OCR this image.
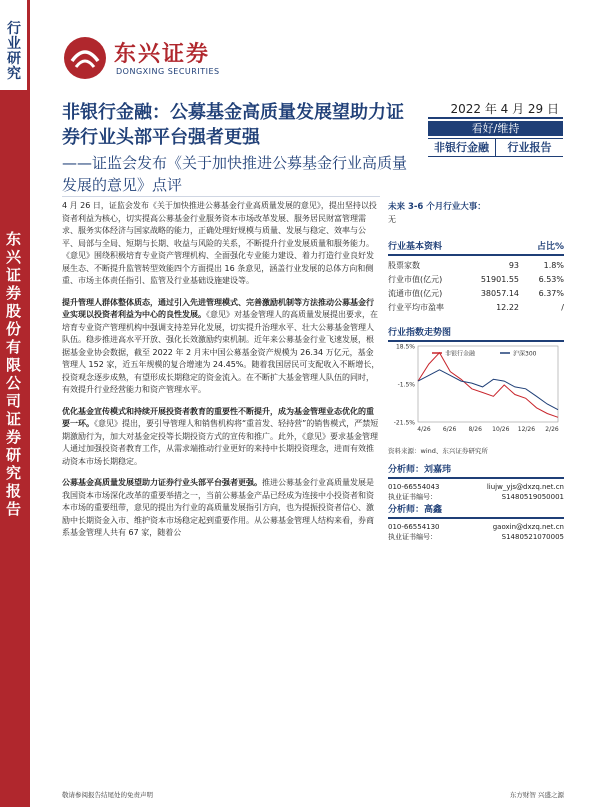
行业研究
东兴证券股份有限公司证券研究报告
东兴证券
DONGXING SECURITIES
非银行金融：公募基金高质量发展望助力证券行业头部平台强者更强
——证监会发布《关于加快推进公募基金行业高质量发展的意见》点评
2022 年 4 月 29 日
看好/维持
非银行金融	行业报告

4 月 26 日，证监会发布《关于加快推进公募基金行业高质量发展的意见》，提出坚持以投资者利益为核心，切实提高公募基金行业服务资本市场改革发展、服务居民财富管理需求、服务实体经济与国家战略的能力，正确处理好规模与质量、发展与稳定、效率与公平、局部与全局、短期与长期、收益与风险的关系，不断提升行业发展质量和服务能力。《意见》围绕积极培育专业资产管理机构、全面强化专业能力建设、着力打造行业良好发展生态、不断提升监管转型效能四个方面提出 16 条意见，涵盖行业发展的总体方向和侧重、市场主体责任指引、监管及行业基础设施建设等。

提升管理人群体整体质态，通过引入先进管理模式、完善激励机制等方法推动公募基金行业实现以投资者利益为中心的良性发展。《意见》对基金管理人的高质量发展提出要求，在培育专业资产管理机构中强调支持差异化发展，切实提升治理水平、壮大公募基金管理人队伍。稳步推进高水平开放、强化长效激励约束机制。近年来公募基金行业飞速发展，根据基金业协会数据，截至 2022 年 2 月末中国公募基金资产规模为 26.34 万亿元，基金管理人 152 家，近五年规模的复合增速为 24.45%。随着我国居民可支配收入不断增长，投资观念逐步成熟，有望形成长期稳定的资金流入。在不断扩大基金管理人队伍的同时，有效提升行业经营能力和资产管理水平。

优化基金宣传模式和持续开展投资者教育的重要性不断提升，成为基金管理业态优化的重要一环。《意见》提出，要引导管理人和销售机构将“重首发、轻持营”的销售模式，严禁短期激励行为，加大对基金定投等长期投资方式的宣传和推广。此外，《意见》要求基金管理人通过加强投资者教育工作，从需求端推动行业更好的来持中长期投资理念，进而有效推动资本市场长期稳定。

公募基金高质量发展望助力证券行业头部平台强者更强。推进公募基金行业高质量发展是我国资本市场深化改革的重要举措之一，当前公募基金产品已经成为连接中小投资者和资本市场的重要纽带，意见的提出为行业的高质量发展指引方向，也为提振投资者信心、激励中长期资金入市、维护资本市场稳定起到重要作用。从公募基金管理人结构来看，券商系基金管理人共有 67 家，随着公

未来 3-6 个月行业大事：
无
行业基本资料	占比%
股票家数	93	1.8%
行业市值(亿元)	51901.55	6.53%
流通市值(亿元)	38057.14	6.37%
行业平均市盈率	12.22	/
行业指数走势图
18.5%
-1.5%
-21.5%
4/26 6/26 8/26 10/26 12/26 2/26
非银行金融	沪深300
资料来源：wind、东兴证券研究所
分析师：刘嘉玮
010-66554043	liujw_yjs@dxzq.net.cn
执业证书编号：	S1480519050001
分析师：高鑫
010-66554130	gaoxin@dxzq.net.cn
执业证书编号：	S1480521070005
敬请参阅报告结尾处的免责声明	东方财智 兴盛之源
